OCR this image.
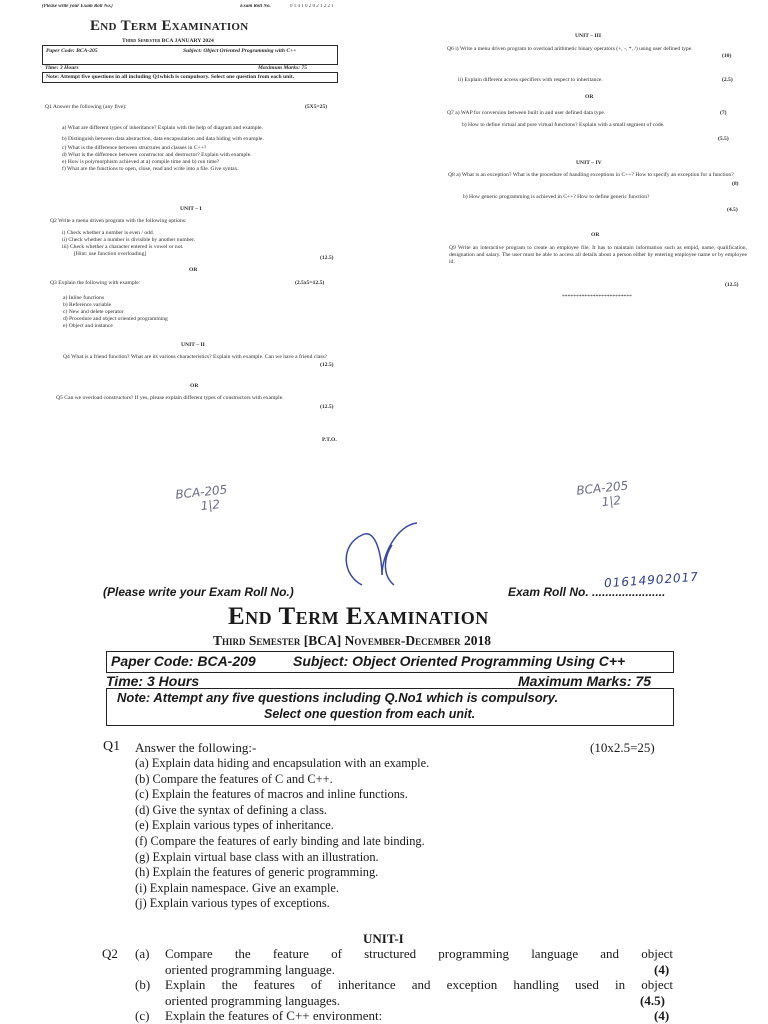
(Please write your Exam Roll No.)	Exam Roll No.	0 1 4 1 0 2 0 2 1 2 2 1
End Term Examination
Third Semester BCA JANUARY 2024
Paper Code: BCA-205	Subject: Object Oriented Programming with C++
Time: 3 Hours	Maximum Marks: 75
Note: Attempt five questions in all including Q1which is compulsory. Select one question from each unit.
Q1 Answer the following (any five):	(5X5=25)
a) What are different types of inheritance? Explain with the help of diagram and example.
b) Distinguish between data abstraction, data encapsulation and data hiding with example.
c) What is the difference between structures and classes in C++?
d) What is the difference between constructor and destructor? Explain with example.
e) How is polymorphism achieved at a) compile time and b) run time?
f) What are the functions to open, close, read and write into a file. Give syntax.
UNIT – I
Q2 Write a menu driven program with the following options:
i) Check whether a number is even / odd.
ii) Check whether a number is divisible by another number.
iii) Check whether a character entered is vowel or not.
[Hint: use function overloading]
(12.5)
OR
Q3 Explain the following with example:	(2.5x5=12.5)
a) Inline functions
b) Reference variable
c) New and delete operator
d) Procedure and object oriented programming
e) Object and instance
UNIT – II
Q4 What is a friend function? What are its various characteristics? Explain with example. Can we have a friend class?
(12.5)
OR
Q5 Can we overload constructors? If yes, please explain different types of constructors with example.
(12.5)
P.T.O.
UNIT – III
Q6 i) Write a menu driven program to overload arithmetic binary operators (+, -, *, /) using user defined type.
(10)
ii) Explain different access specifiers with respect to inheritance.	(2.5)
OR
Q7 a) WAP for conversion between built in and user defined data type.	(7)
b) How to define virtual and pure virtual functions? Explain with a small segment of code.
(5.5)
UNIT – IV
Q8 a) What is an exception? What is the procedure of handling exceptions in C++? How to specify an exception for a function?
(8)
b) How generic programming is achieved in C++? How to define generic function?
(4.5)
OR
Q9 Write an interactive program to create an employee file. It has to maintain information such as empid, name, qualification, designation and salary. The user must be able to access all details about a person either by entering employee name or by employee id.
(12.5)
*************************
BCA-205
1|2
BCA-205
1|2
(Please write your Exam Roll No.)	Exam Roll No. ......................
01614902017
End Term Examination
Third Semester [BCA] November-December 2018
Paper Code: BCA-209	Subject: Object Oriented Programming Using C++
Time: 3 Hours	Maximum Marks: 75
Note: Attempt any five questions including Q.No1 which is compulsory.
Select one question from each unit.
Q1 Answer the following:-	(10x2.5=25)
(a) Explain data hiding and encapsulation with an example.
(b) Compare the features of C and C++.
(c) Explain the features of macros and inline functions.
(d) Give the syntax of defining a class.
(e) Explain various types of inheritance.
(f) Compare the features of early binding and late binding.
(g) Explain virtual base class with an illustration.
(h) Explain the features of generic programming.
(i) Explain namespace. Give an example.
(j) Explain various types of exceptions.
UNIT-I
Q2 (a) Compare the feature of structured programming language and object
oriented programming language.	(4)
(b) Explain the features of inheritance and exception handling used in object
oriented programming languages.	(4.5)
(c) Explain the features of C++ environment:	(4)
